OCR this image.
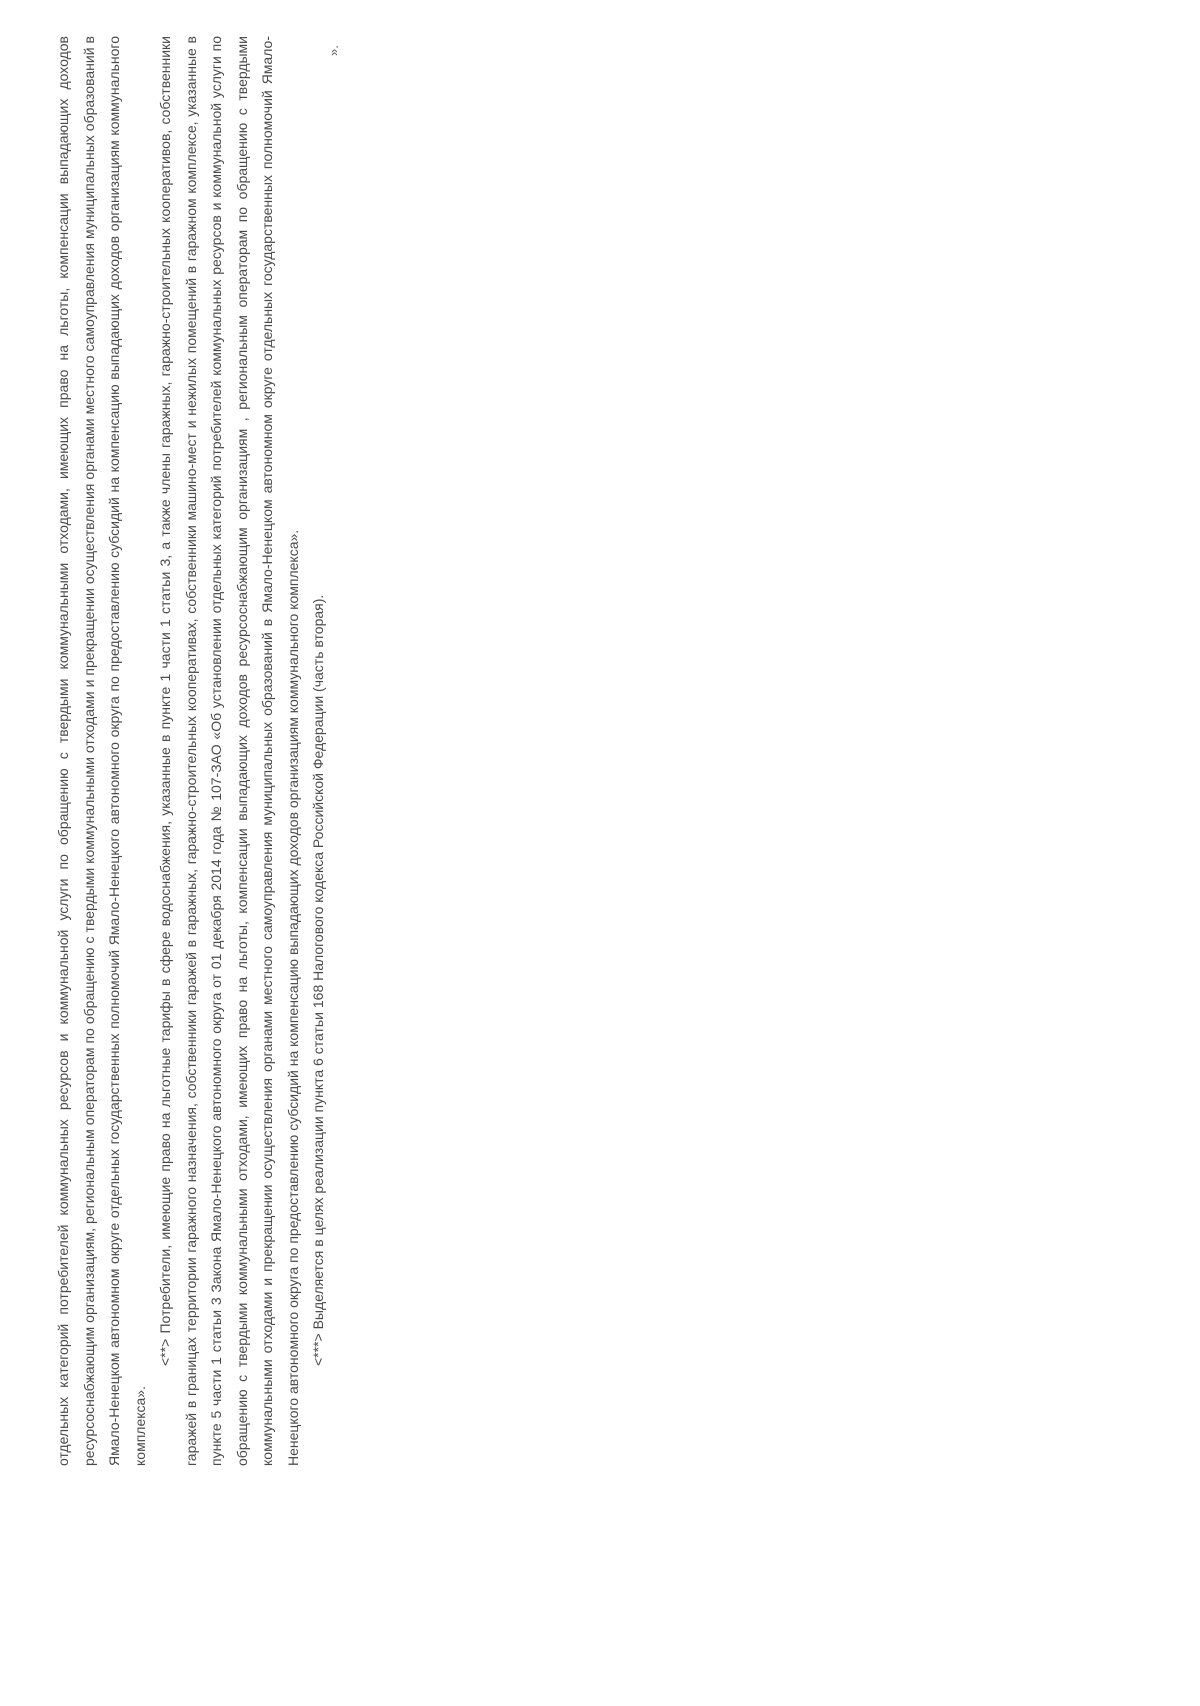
отдельных категорий потребителей коммунальных ресурсов и коммунальной услуги по обращению с твердыми коммунальными отходами, имеющих право на льготы, компенсации выпадающих доходов ресурсоснабжающим организациям, региональным операторам по обращению с твердыми коммунальными отходами и прекращении осуществления органами местного самоуправления муниципальных образований в Ямало-Ненецком автономном округе отдельных государственных полномочий Ямало-Ненецкого автономного округа по предоставлению субсидий на компенсацию выпадающих доходов организациям коммунального комплекса».

<**> Потребители, имеющие право на льготные тарифы в сфере водоснабжения, указанные в пункте 1 части 1 статьи 3, а также члены гаражных, гаражно-строительных кооперативов, собственники гаражей в границах территории гаражного назначения, собственники гаражей в гаражных, гаражно-строительных кооперативах, собственники машино-мест и нежилых помещений в гаражном комплексе, указанные в пункте 5 части 1 статьи 3 Закона Ямало-Ненецкого автономного округа от 01 декабря 2014 года № 107-ЗАО «Об установлении отдельных категорий потребителей коммунальных ресурсов и коммунальной услуги по обращению с твердыми коммунальными отходами, имеющих право на льготы, компенсации выпадающих доходов ресурсоснабжающим организациям , региональным операторам по обращению с твердыми коммунальными отходами и прекращении осуществления органами местного самоуправления муниципальных образований в Ямало-Ненецком автономном округе отдельных государственных полномочий Ямало-Ненецкого автономного округа по предоставлению субсидий на компенсацию выпадающих доходов организациям коммунального комплекса». <***> Выделяется в целях реализации пункта 6 статьи 168 Налогового кодекса Российской Федерации (часть вторая).

».
